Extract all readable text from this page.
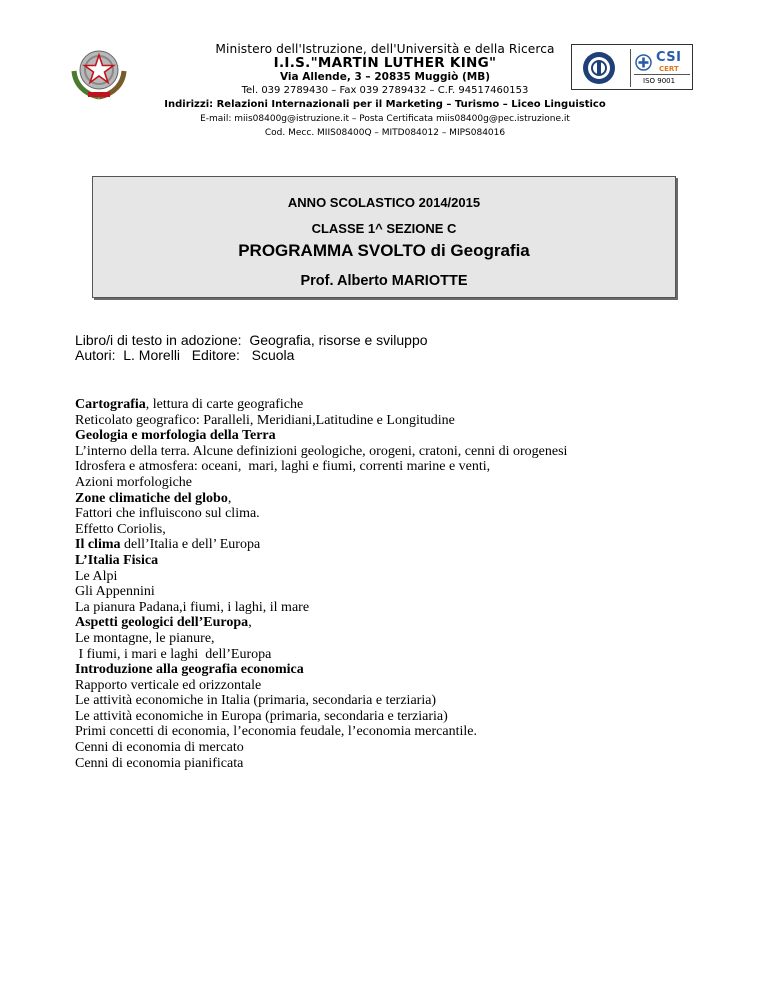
Ministero dell'Istruzione, dell'Università e della Ricerca
I.I.S."MARTIN LUTHER KING"
Via Allende, 3 – 20835 Muggiò (MB)
Tel. 039 2789430 – Fax 039 2789432 – C.F. 94517460153
Indirizzi: Relazioni Internazionali per il Marketing – Turismo – Liceo Linguistico
E-mail: miis08400g@istruzione.it – Posta Certificata miis08400g@pec.istruzione.it
Cod. Mecc. MIIS08400Q – MITD084012 – MIPS084016
CSI
CERT
ISO 9001
ANNO SCOLASTICO 2014/2015
CLASSE 1^ SEZIONE C
PROGRAMMA SVOLTO di Geografia
Prof. Alberto MARIOTTE
Libro/i di testo in adozione:  Geografia, risorse e sviluppo
Autori:  L. Morelli   Editore:   Scuola
Cartografia, lettura di carte geografiche
Reticolato geografico: Paralleli, Meridiani,Latitudine e Longitudine
Geologia e morfologia della Terra
L’interno della terra. Alcune definizioni geologiche, orogeni, cratoni, cenni di orogenesi
Idrosfera e atmosfera: oceani,  mari, laghi e fiumi, correnti marine e venti,
Azioni morfologiche
Zone climatiche del globo,
Fattori che influiscono sul clima.
Effetto Coriolis,
Il clima dell’Italia e dell’ Europa
L’Italia Fisica
Le Alpi
Gli Appennini
La pianura Padana,i fiumi, i laghi, il mare
Aspetti geologici dell’Europa,
Le montagne, le pianure,
I fiumi, i mari e laghi  dell’Europa
Introduzione alla geografia economica
Rapporto verticale ed orizzontale
Le attività economiche in Italia (primaria, secondaria e terziaria)
Le attività economiche in Europa (primaria, secondaria e terziaria)
Primi concetti di economia, l’economia feudale, l’economia mercantile.
Cenni di economia di mercato
Cenni di economia pianificata
